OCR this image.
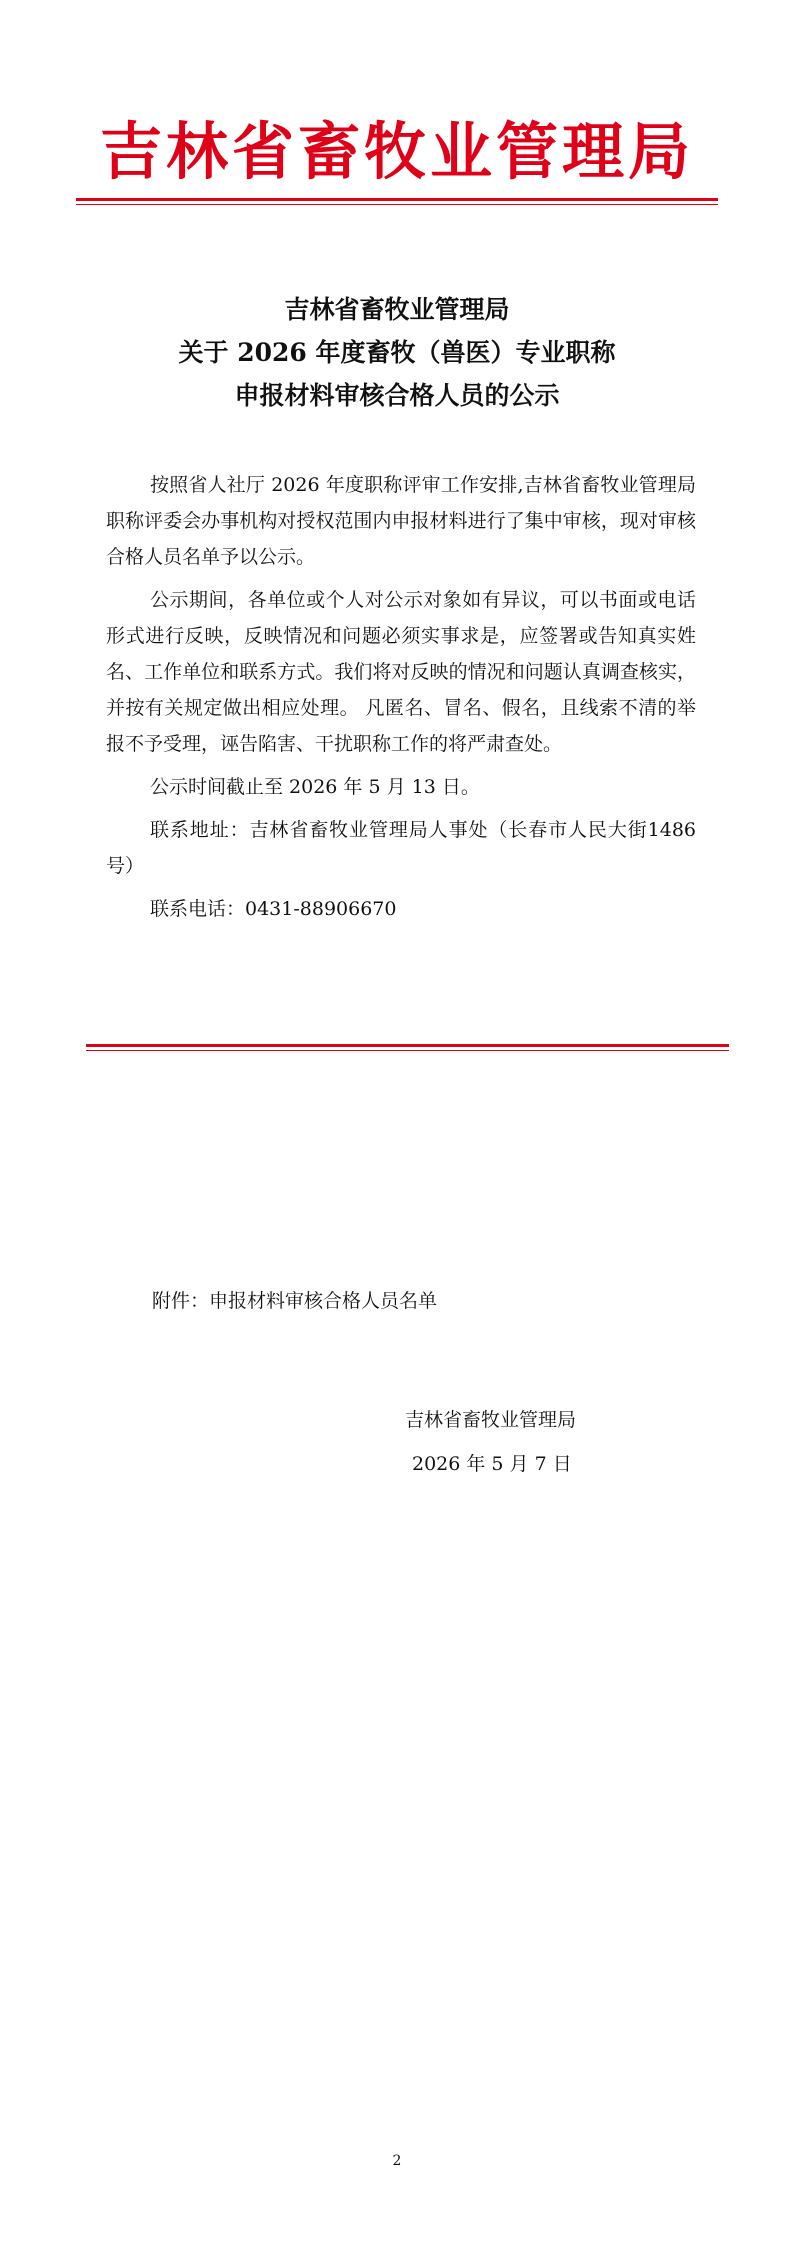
吉林省畜牧业管理局
吉林省畜牧业管理局
关于 2026 年度畜牧（兽医）专业职称
申报材料审核合格人员的公示

按照省人社厅 2026 年度职称评审工作安排,吉林省畜牧业管理局职称评委会办事机构对授权范围内申报材料进行了集中审核，现对审核合格人员名单予以公示。

公示期间，各单位或个人对公示对象如有异议，可以书面或电话形式进行反映，反映情况和问题必须实事求是，应签署或告知真实姓名、工作单位和联系方式。我们将对反映的情况和问题认真调查核实，并按有关规定做出相应处理。 凡匿名、冒名、假名，且线索不清的举报不予受理，诬告陷害、干扰职称工作的将严肃查处。

公示时间截止至 2026 年 5 月 13 日。

联系地址：吉林省畜牧业管理局人事处（长春市人民大街1486 号）

联系电话：0431-88906670

附件：申报材料审核合格人员名单
吉林省畜牧业管理局
2026 年 5 月 7 日
2
